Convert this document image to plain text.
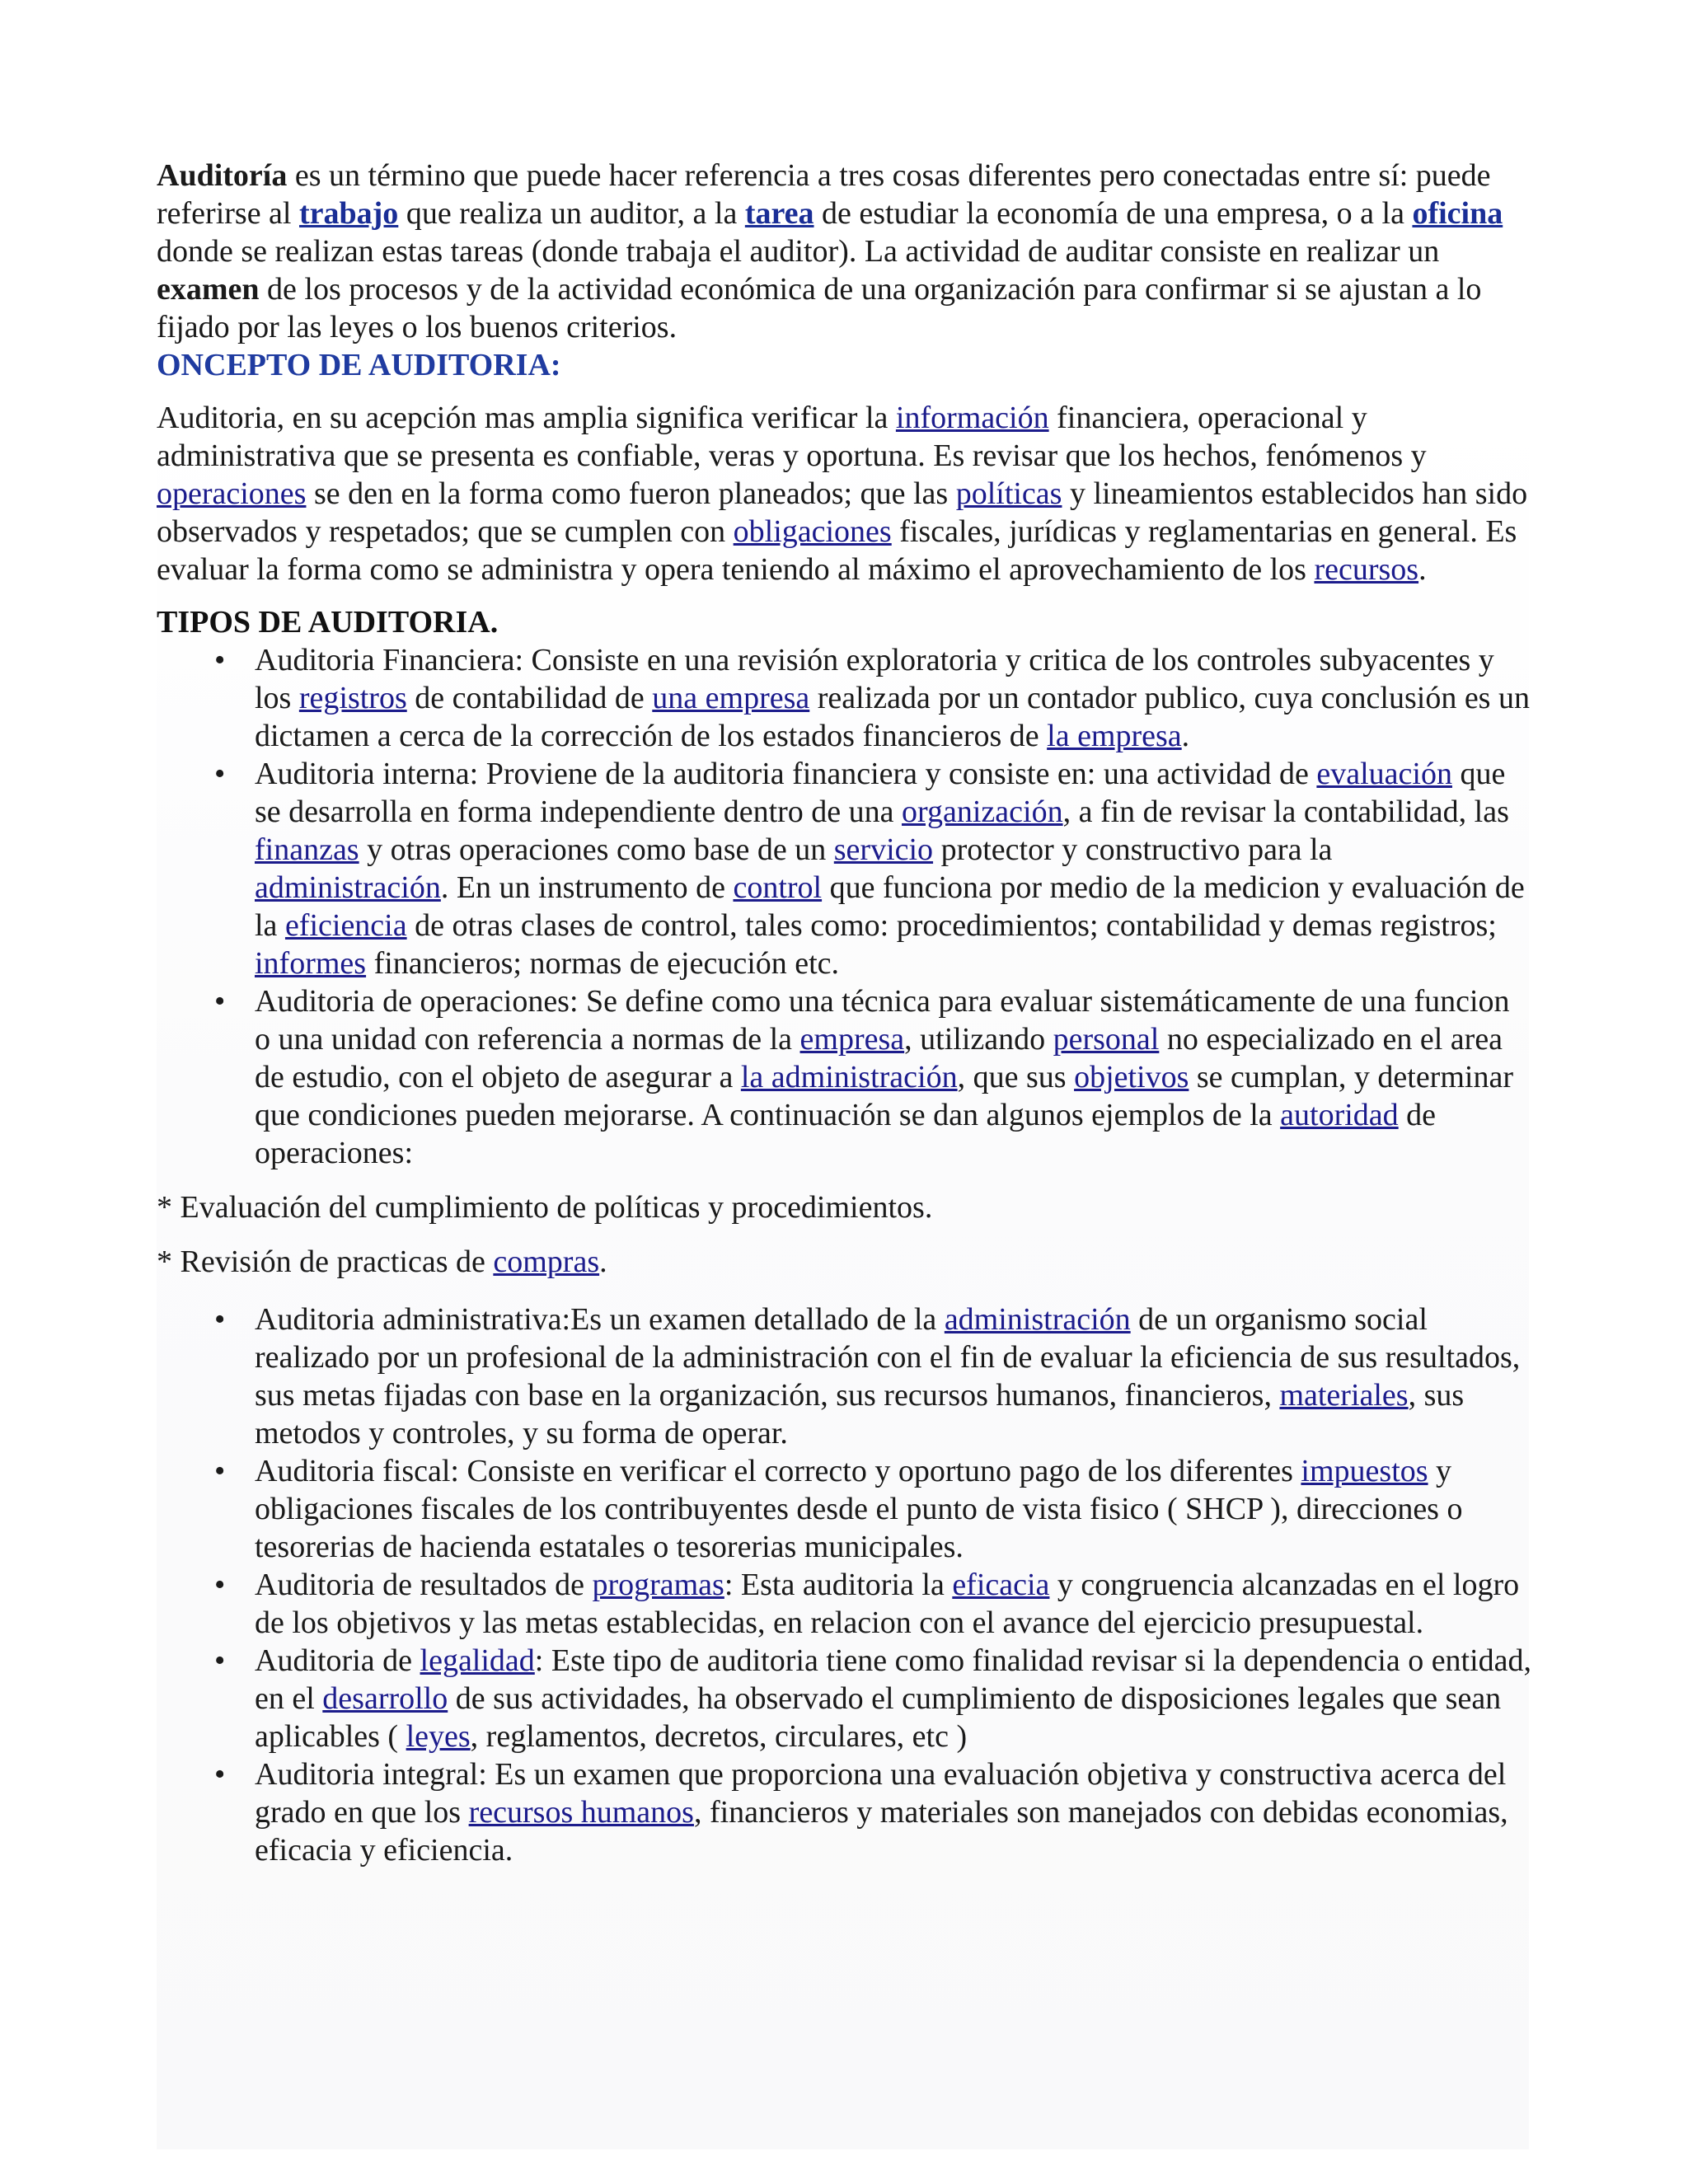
Auditoría es un término que puede hacer referencia a tres cosas diferentes pero conectadas entre sí: puede referirse al trabajo que realiza un auditor, a la tarea de estudiar la economía de una empresa, o a la oficina donde se realizan estas tareas (donde trabaja el auditor). La actividad de auditar consiste en realizar un examen de los procesos y de la actividad económica de una organización para confirmar si se ajustan a lo fijado por las leyes o los buenos criterios.

ONCEPTO DE AUDITORIA:

Auditoria, en su acepción mas amplia significa verificar la información financiera, operacional y administrativa que se presenta es confiable, veras y oportuna. Es revisar que los hechos, fenómenos y operaciones se den en la forma como fueron planeados; que las políticas y lineamientos establecidos han sido observados y respetados; que se cumplen con obligaciones fiscales, jurídicas y reglamentarias en general. Es evaluar la forma como se administra y opera teniendo al máximo el aprovechamiento de los recursos.

TIPOS DE AUDITORIA.
• Auditoria Financiera: Consiste en una revisión exploratoria y critica de los controles subyacentes y los registros de contabilidad de una empresa realizada por un contador publico, cuya conclusión es un dictamen a cerca de la corrección de los estados financieros de la empresa.
• Auditoria interna: Proviene de la auditoria financiera y consiste en: una actividad de evaluación que se desarrolla en forma independiente dentro de una organización, a fin de revisar la contabilidad, las finanzas y otras operaciones como base de un servicio protector y constructivo para la administración. En un instrumento de control que funciona por medio de la medicion y evaluación de la eficiencia de otras clases de control, tales como: procedimientos; contabilidad y demas registros; informes financieros; normas de ejecución etc.
• Auditoria de operaciones: Se define como una técnica para evaluar sistemáticamente de una funcion o una unidad con referencia a normas de la empresa, utilizando personal no especializado en el area de estudio, con el objeto de asegurar a la administración, que sus objetivos se cumplan, y determinar que condiciones pueden mejorarse. A continuación se dan algunos ejemplos de la autoridad de operaciones:

* Evaluación del cumplimiento de políticas y procedimientos.

* Revisión de practicas de compras.

• Auditoria administrativa:Es un examen detallado de la administración de un organismo social realizado por un profesional de la administración con el fin de evaluar la eficiencia de sus resultados, sus metas fijadas con base en la organización, sus recursos humanos, financieros, materiales, sus metodos y controles, y su forma de operar.
• Auditoria fiscal: Consiste en verificar el correcto y oportuno pago de los diferentes impuestos y obligaciones fiscales de los contribuyentes desde el punto de vista fisico ( SHCP ), direcciones o tesorerias de hacienda estatales o tesorerias municipales.
• Auditoria de resultados de programas: Esta auditoria la eficacia y congruencia alcanzadas en el logro de los objetivos y las metas establecidas, en relacion con el avance del ejercicio presupuestal.
• Auditoria de legalidad: Este tipo de auditoria tiene como finalidad revisar si la dependencia o entidad, en el desarrollo de sus actividades, ha observado el cumplimiento de disposiciones legales que sean aplicables ( leyes, reglamentos, decretos, circulares, etc )
• Auditoria integral: Es un examen que proporciona una evaluación objetiva y constructiva acerca del grado en que los recursos humanos, financieros y materiales son manejados con debidas economias, eficacia y eficiencia.
